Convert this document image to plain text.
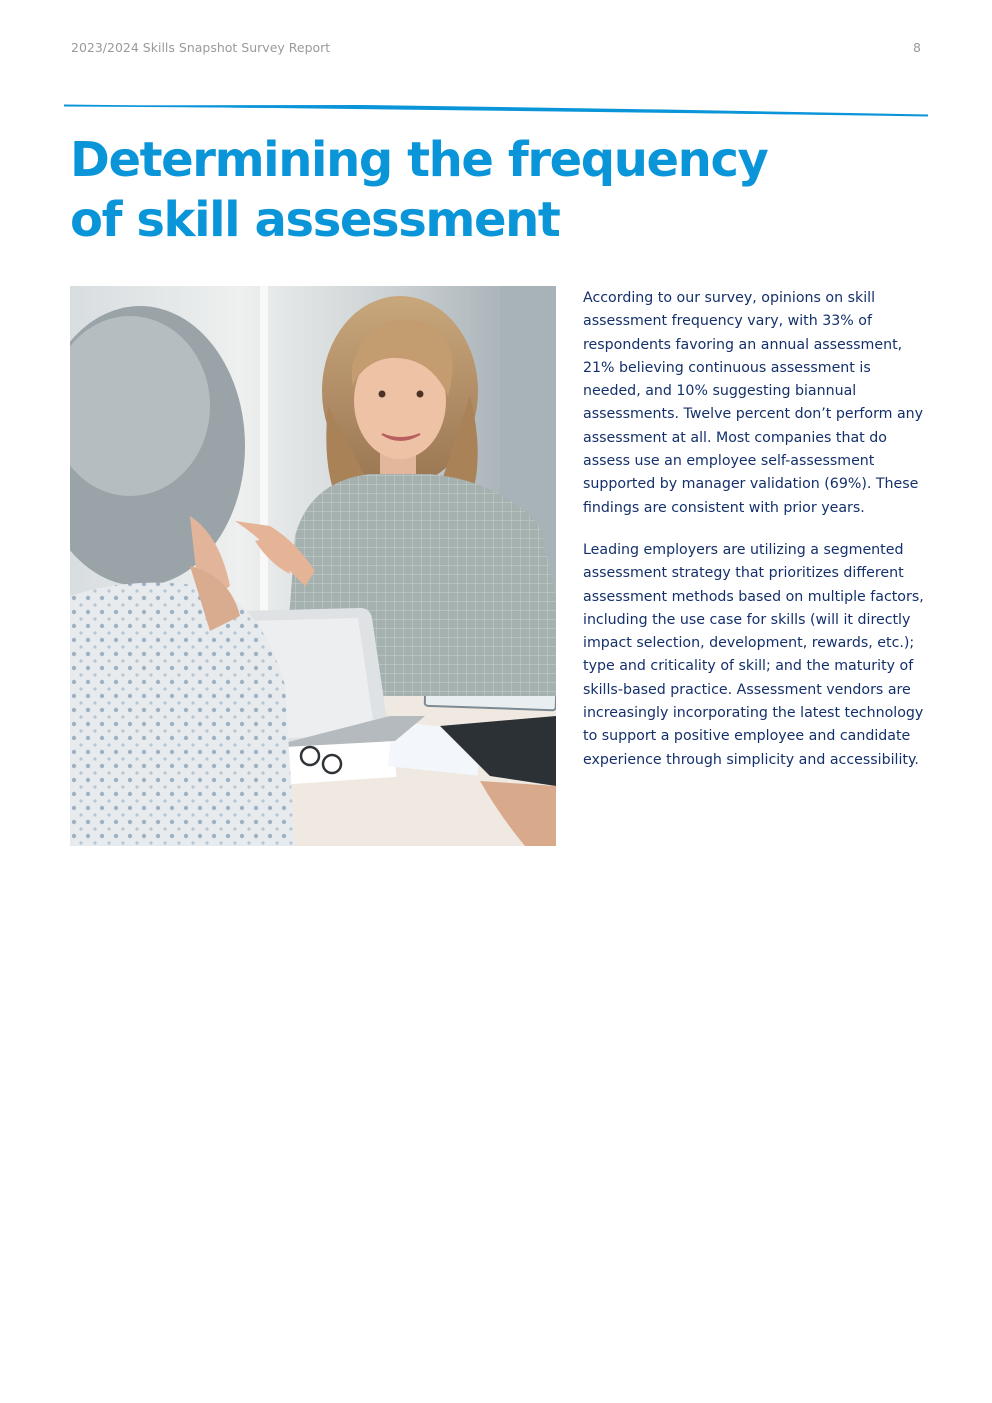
2023/2024 Skills Snapshot Survey Report	8
Determining the frequency
of skill assessment

According to our survey, opinions on skill assessment frequency vary, with 33% of respondents favoring an annual assessment, 21% believing continuous assessment is needed, and 10% suggesting biannual assessments. Twelve percent don’t perform any assessment at all. Most companies that do assess use an employee self-assessment supported by manager validation (69%). These findings are consistent with prior years.

Leading employers are utilizing a segmented assessment strategy that prioritizes different assessment methods based on multiple factors, including the use case for skills (will it directly impact selection, development, rewards, etc.); type and criticality of skill; and the maturity of skills-based practice. Assessment vendors are increasingly incorporating the latest technology to support a positive employee and candidate experience through simplicity and accessibility.
